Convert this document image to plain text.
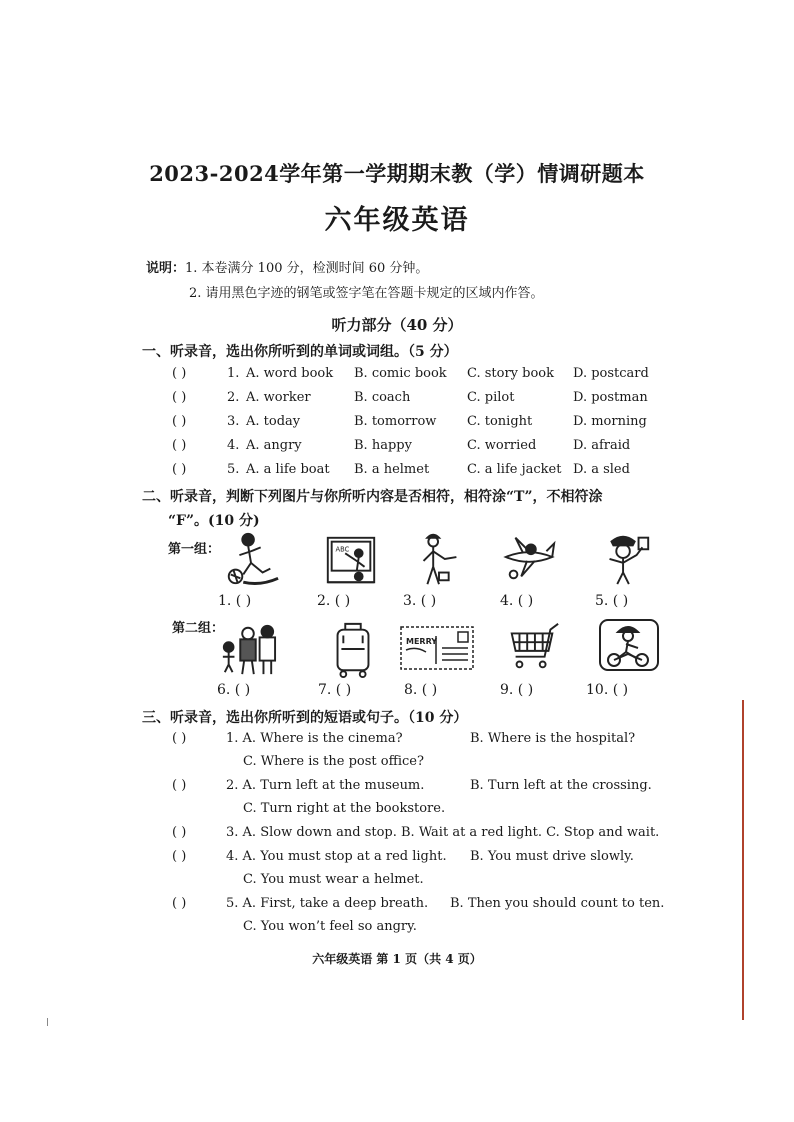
2023-2024学年第一学期期末教（学）情调研题本
六年级英语
说明：1. 本卷满分 100 分，检测时间 60 分钟。
2. 请用黑色字迹的钢笔或签字笔在答题卡规定的区域内作答。
听力部分（40 分）
一、听录音，选出你所听到的单词或词组。（5 分）
( )	1. A. word book B. comic book C. story book D. postcard
( )	2. A. worker	B. coach	C. pilot	D. postman
( )	3. A. today	B. tomorrow C. tonight	D. morning
( )	4. A. angry	B. happy	C. worried	D. afraid
( )	5. A. a life boat B. a helmet	C. a life jacket D. a sled
二、听录音，判断下列图片与你所听内容是否相符，相符涂“T”，不相符涂
“F”。(10 分)
第一组：	ABC
1. ( )	2. ( )	3. ( )	4. ( )	5. ( )
第二组：
MERRY
6. ( )	7. ( )	8. ( )	9. ( )	10. ( )
三、听录音，选出你所听到的短语或句子。（10 分）
( )	1. A. Where is the cinema?	B. Where is the hospital?
C. Where is the post office?
( )	2. A. Turn left at the museum.	B. Turn left at the crossing.
C. Turn right at the bookstore.
( )	3. A. Slow down and stop. B. Wait at a red light. C. Stop and wait.
( )	4. A. You must stop at a red light. B. You must drive slowly.
C. You must wear a helmet.
( )	5. A. First, take a deep breath. B. Then you should count to ten.
C. You won’t feel so angry.
六年级英语 第 1 页（共 4 页）
